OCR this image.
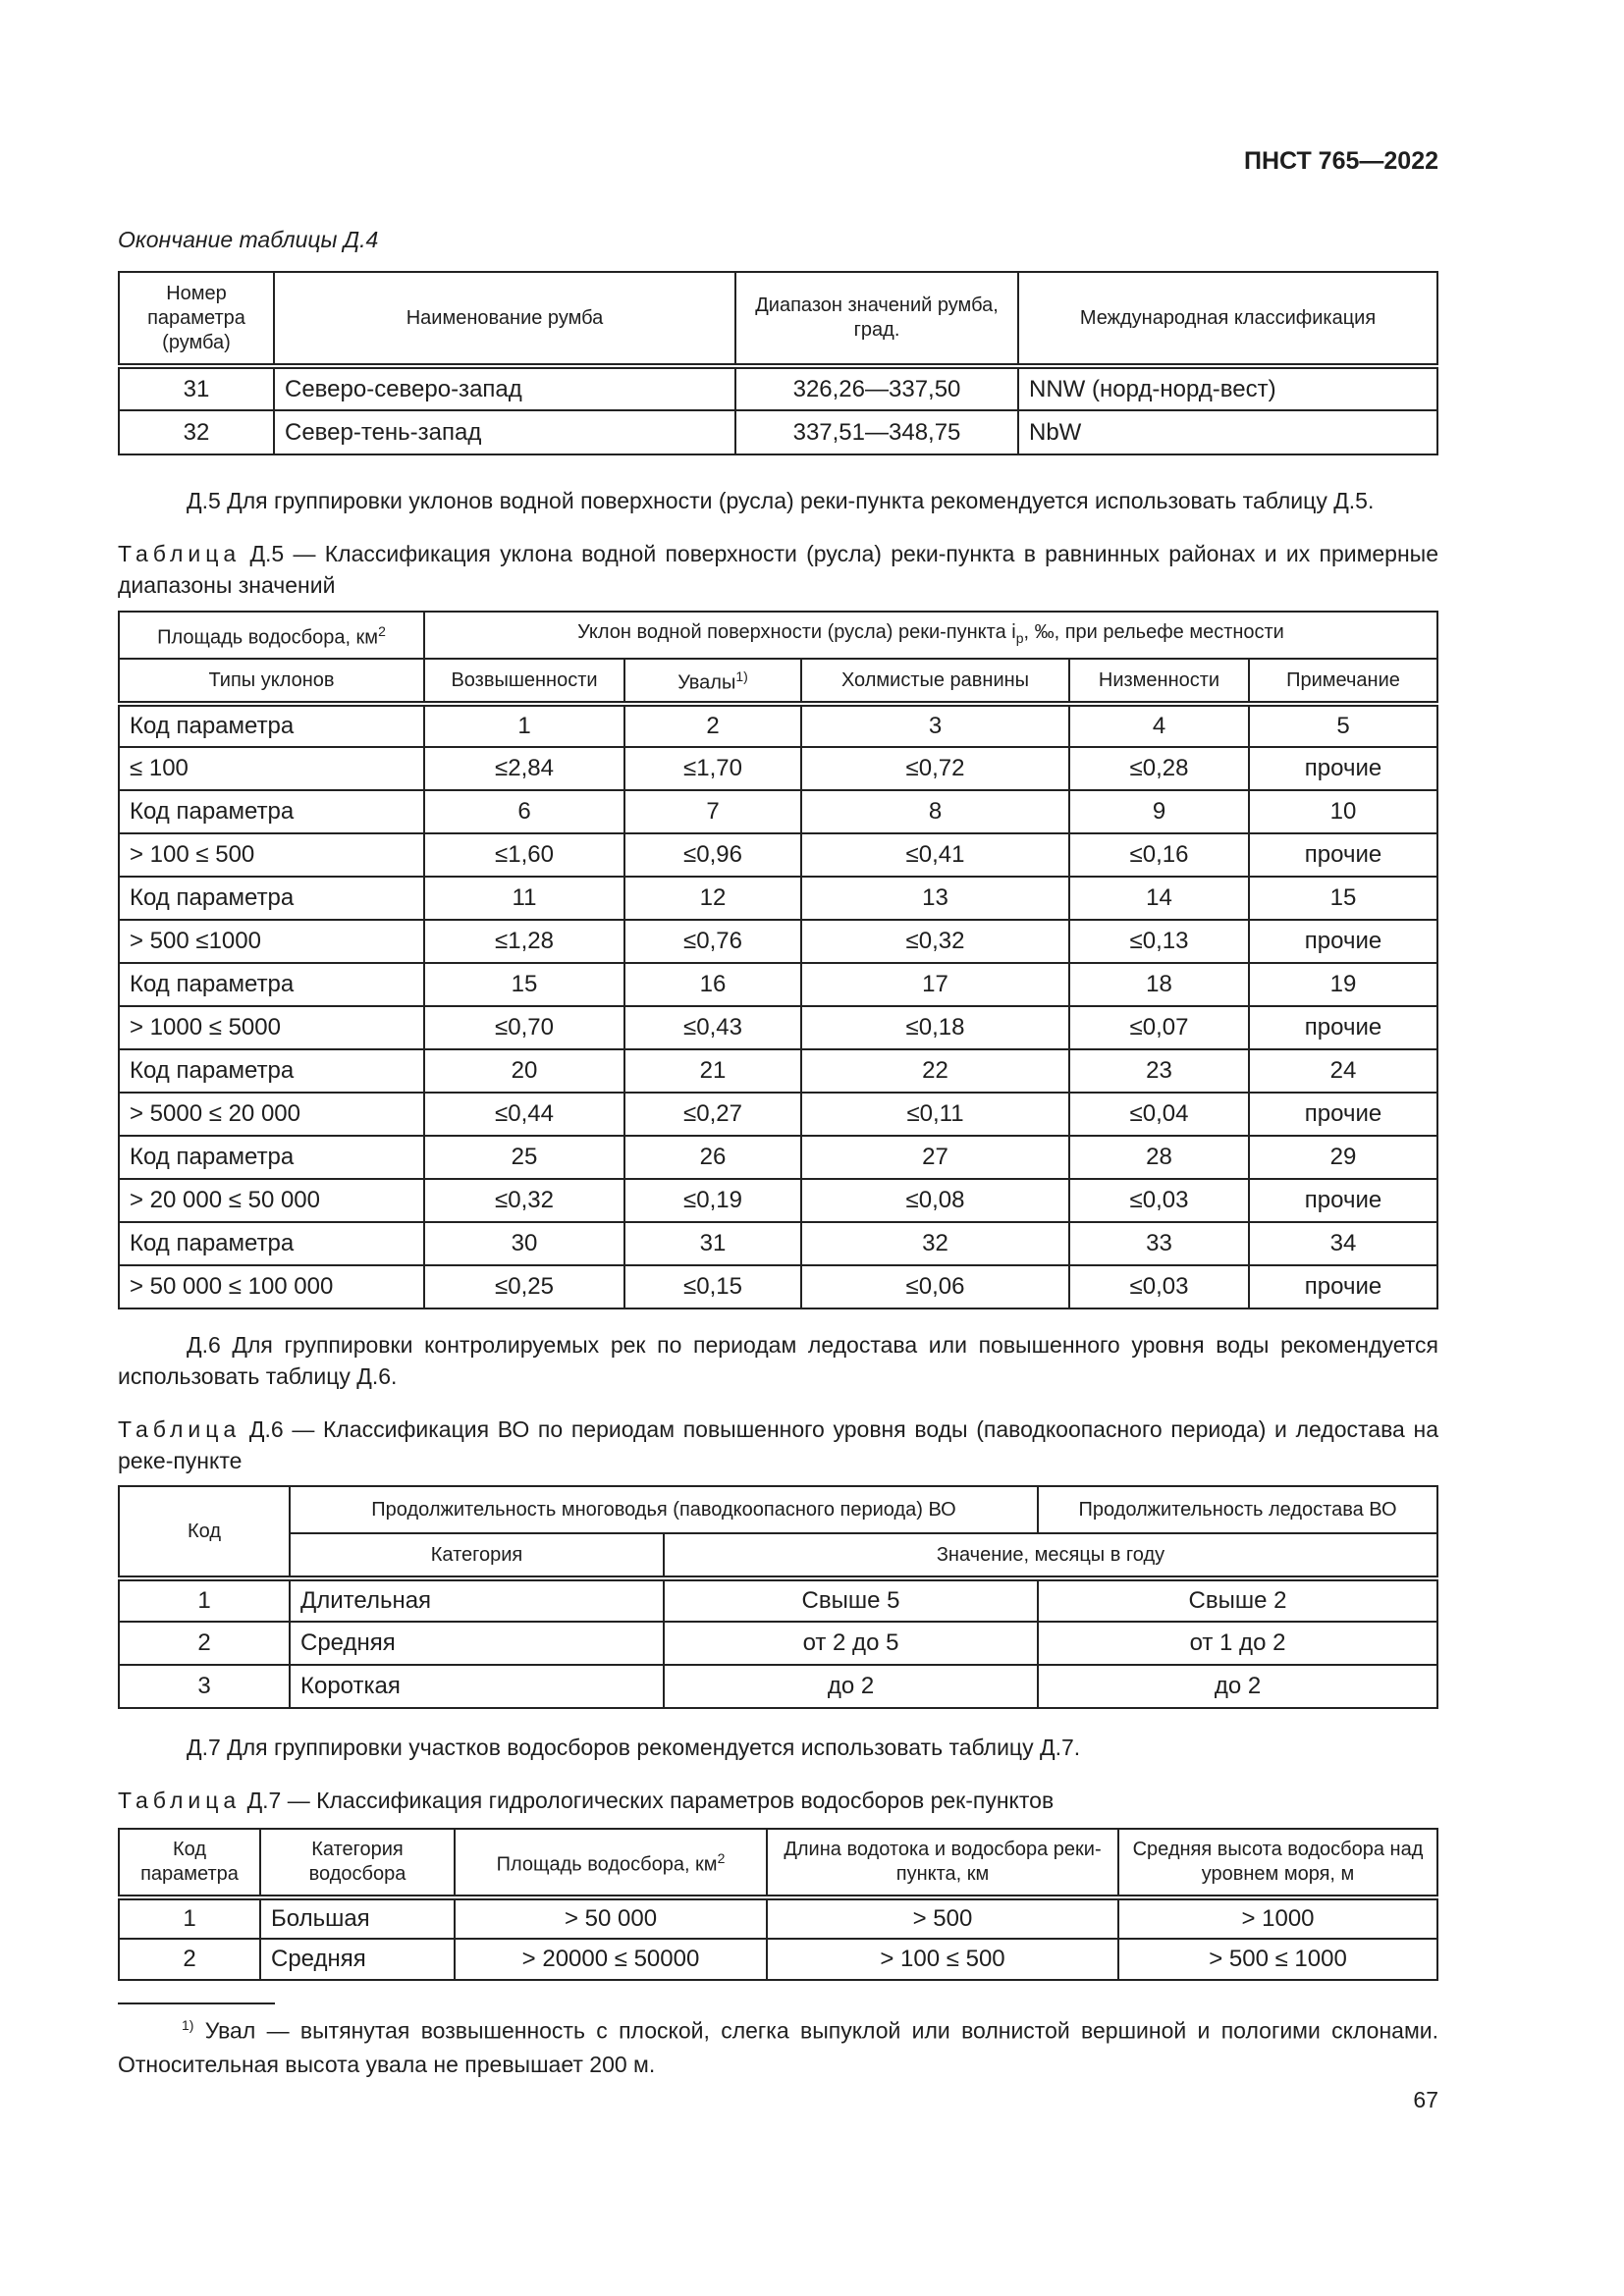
ПНСТ 765—2022
Окончание таблицы Д.4
Номер параметра (румба)	Наименование румба	Диапазон значений румба, град.	Международная классификация
31	Северо-северо-запад	326,26—337,50	NNW (норд-норд-вест)
32	Север-тень-запад	337,51—348,75	NbW
Д.5 Для группировки уклонов водной поверхности (русла) реки-пункта рекомендуется использовать таблицу Д.5.
Таблица Д.5 — Классификация уклона водной поверхности (русла) реки-пункта в равнинных районах и их примерные диапазоны значений
Площадь водосбора, $км^2$	Уклон водной поверхности (русла) реки-пункта $i_p$, ‰, при рельефе местности				
Типы уклонов	Возвышенности	Увалы$^{1)}$	Холмистые равнины	Низменности	Примечание
Код параметра	1	2	3	4	5
≤ 100	≤2,84	≤1,70	≤0,72	≤0,28	прочие
Код параметра	6	7	8	9	10
> 100 ≤ 500	≤1,60	≤0,96	≤0,41	≤0,16	прочие
Код параметра	11	12	13	14	15
> 500 ≤1000	≤1,28	≤0,76	≤0,32	≤0,13	прочие
Код параметра	15	16	17	18	19
> 1000 ≤ 5000	≤0,70	≤0,43	≤0,18	≤0,07	прочие
Код параметра	20	21	22	23	24
> 5000 ≤ 20 000	≤0,44	≤0,27	≤0,11	≤0,04	прочие
Код параметра	25	26	27	28	29
> 20 000 ≤ 50 000	≤0,32	≤0,19	≤0,08	≤0,03	прочие
Код параметра	30	31	32	33	34
> 50 000 ≤ 100 000	≤0,25	≤0,15	≤0,06	≤0,03	прочие
Д.6 Для группировки контролируемых рек по периодам ледостава или повышенного уровня воды рекомендуется использовать таблицу Д.6.
Таблица Д.6 — Классификация ВО по периодам повышенного уровня воды (паводкоопасного периода) и ледостава на реке-пункте
Код	Продолжительность многоводья (паводкоопасного периода) ВО		Продолжительность ледостава ВО
	Категория	Значение, месяцы в году	
1	Длительная	Свыше 5	Свыше 2
2	Средняя	от 2 до 5	от 1 до 2
3	Короткая	до 2	до 2
Д.7 Для группировки участков водосборов рекомендуется использовать таблицу Д.7.
Таблица Д.7 — Классификация гидрологических параметров водосборов рек-пунктов
Код параметра	Категория водосбора	Площадь водосбора, $км^2$	Длина водотока и водосбора реки-пункта, км	Средняя высота водосбора над уровнем моря, м
1	Большая	> 50 000	> 500	> 1000
2	Средняя	> 20000 ≤ 50000	> 100 ≤ 500	> 500 ≤ 1000
$^{1)}$ Увал — вытянутая возвышенность с плоской, слегка выпуклой или волнистой вершиной и пологими склонами. Относительная высота увала не превышает 200 м.
67
